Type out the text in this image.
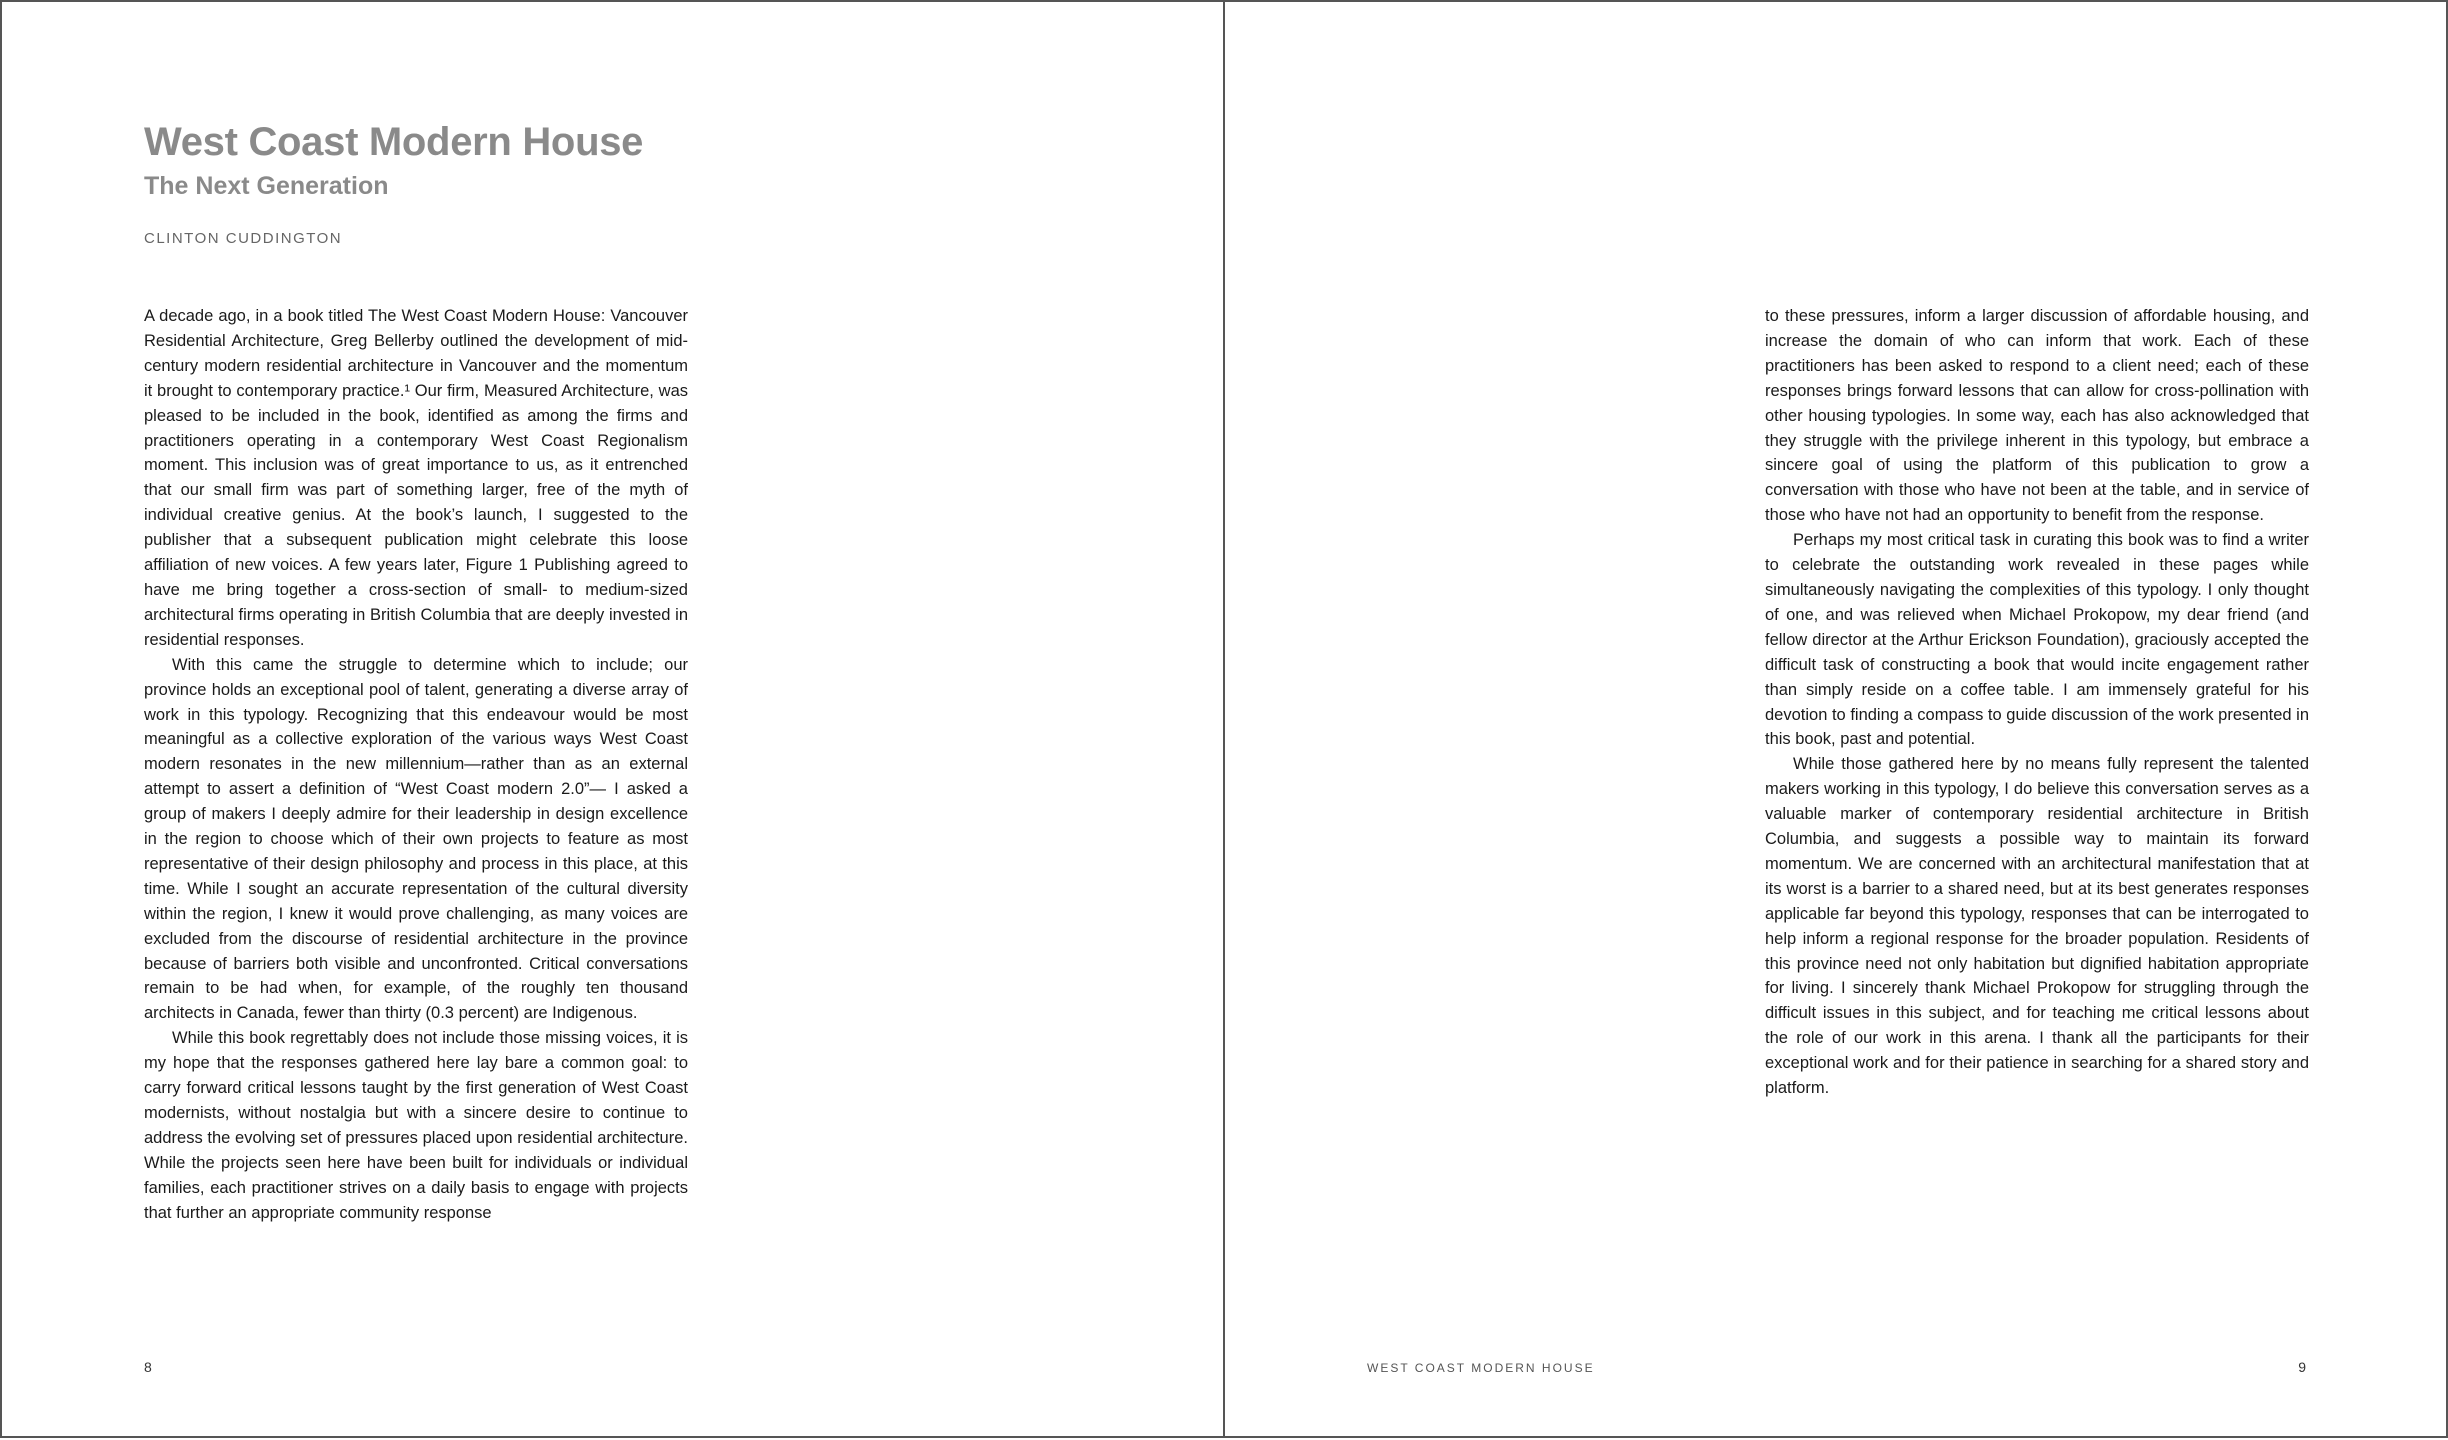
West Coast Modern House
The Next Generation
CLINTON CUDDINGTON

A decade ago, in a book titled The West Coast Modern House: Vancouver Residential Architecture, Greg Bellerby outlined the development of mid-century modern residential architecture in Vancouver and the momentum it brought to contemporary practice.¹ Our firm, Measured Architecture, was pleased to be included in the book, identified as among the firms and practitioners operating in a contemporary West Coast Regionalism moment. This inclusion was of great importance to us, as it entrenched that our small firm was part of something larger, free of the myth of individual creative genius. At the book’s launch, I suggested to the publisher that a subsequent publication might celebrate this loose affiliation of new voices. A few years later, Figure 1 Publishing agreed to have me bring together a cross-section of small- to medium-sized architectural firms operating in British Columbia that are deeply invested in residential responses.

With this came the struggle to determine which to include; our province holds an exceptional pool of talent, generating a diverse array of work in this typology. Recognizing that this endeavour would be most meaningful as a collective exploration of the various ways West Coast modern resonates in the new millennium—rather than as an external attempt to assert a definition of “West Coast modern 2.0”— I asked a group of makers I deeply admire for their leadership in design excellence in the region to choose which of their own projects to feature as most representative of their design philosophy and process in this place, at this time. While I sought an accurate representation of the cultural diversity within the region, I knew it would prove challenging, as many voices are excluded from the discourse of residential architecture in the province because of barriers both visible and unconfronted. Critical conversations remain to be had when, for example, of the roughly ten thousand architects in Canada, fewer than thirty (0.3 percent) are Indigenous.

While this book regrettably does not include those missing voices, it is my hope that the responses gathered here lay bare a common goal: to carry forward critical lessons taught by the first generation of West Coast modernists, without nostalgia but with a sincere desire to continue to address the evolving set of pressures placed upon residential architecture. While the projects seen here have been built for individuals or individual families, each practitioner strives on a daily basis to engage with projects that further an appropriate community response

8

to these pressures, inform a larger discussion of affordable housing, and increase the domain of who can inform that work. Each of these practitioners has been asked to respond to a client need; each of these responses brings forward lessons that can allow for cross-pollination with other housing typologies. In some way, each has also acknowledged that they struggle with the privilege inherent in this typology, but embrace a sincere goal of using the platform of this publication to grow a conversation with those who have not been at the table, and in service of those who have not had an opportunity to benefit from the response.

Perhaps my most critical task in curating this book was to find a writer to celebrate the outstanding work revealed in these pages while simultaneously navigating the complexities of this typology. I only thought of one, and was relieved when Michael Prokopow, my dear friend (and fellow director at the Arthur Erickson Foundation), graciously accepted the difficult task of constructing a book that would incite engagement rather than simply reside on a coffee table. I am immensely grateful for his devotion to finding a compass to guide discussion of the work presented in this book, past and potential.

While those gathered here by no means fully represent the talented makers working in this typology, I do believe this conversation serves as a valuable marker of contemporary residential architecture in British Columbia, and suggests a possible way to maintain its forward momentum. We are concerned with an architectural manifestation that at its worst is a barrier to a shared need, but at its best generates responses applicable far beyond this typology, responses that can be interrogated to help inform a regional response for the broader population. Residents of this province need not only habitation but dignified habitation appropriate for living. I sincerely thank Michael Prokopow for struggling through the difficult issues in this subject, and for teaching me critical lessons about the role of our work in this arena. I thank all the participants for their exceptional work and for their patience in searching for a shared story and platform.

WEST COAST MODERN HOUSE	9
